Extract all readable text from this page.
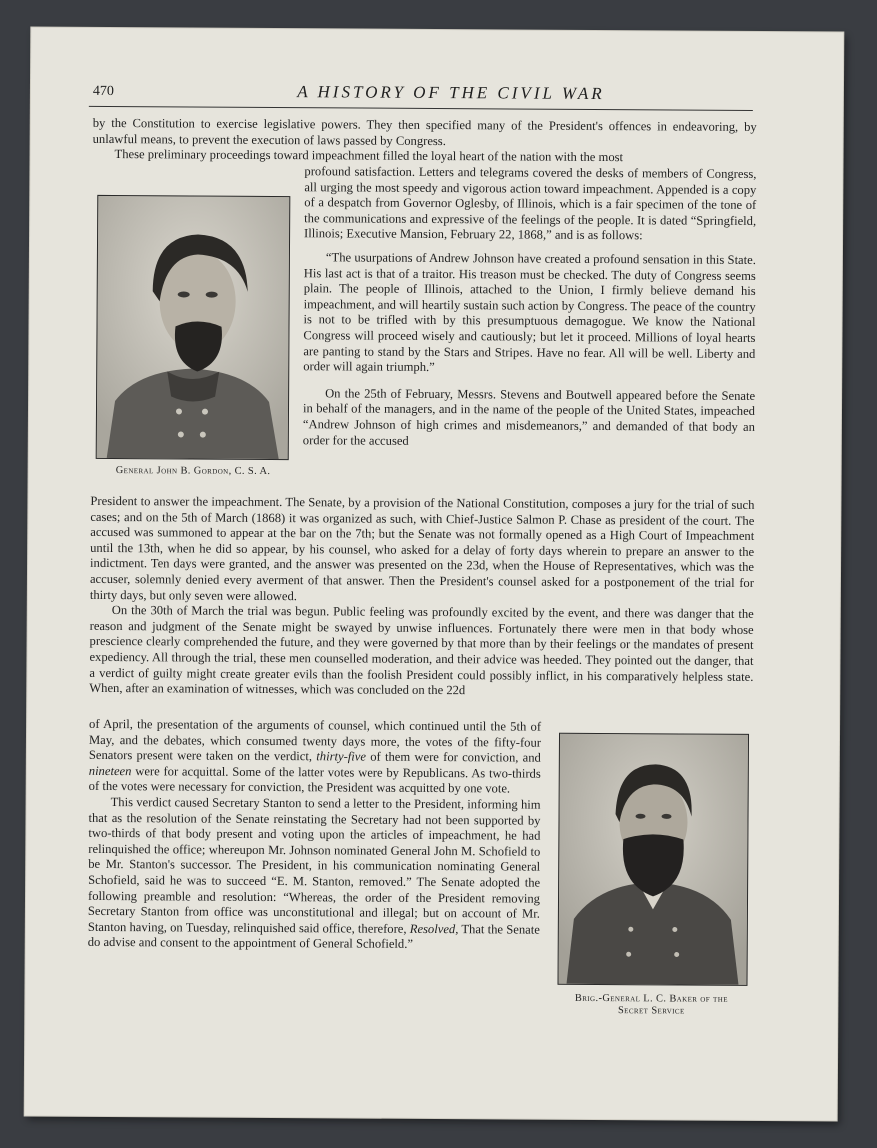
470	A HISTORY OF THE CIVIL WAR

by the Constitution to exercise legislative powers. They then specified many of the President's offences in endeavoring, by unlawful means, to prevent the execution of laws passed by Congress.

These preliminary proceedings toward impeachment filled the loyal heart of the nation with the most

General John B. Gordon, C. S. A.

profound satisfaction. Letters and telegrams covered the desks of members of Congress, all urging the most speedy and vigorous action toward impeachment. Appended is a copy of a despatch from Governor Oglesby, of Illinois, which is a fair specimen of the tone of the communications and expressive of the feelings of the people. It is dated “Springfield, Illinois; Executive Mansion, February 22, 1868,” and is as follows:

“The usurpations of Andrew Johnson have created a profound sensation in this State. His last act is that of a traitor. His treason must be checked. The duty of Congress seems plain. The people of Illinois, attached to the Union, I firmly believe demand his impeachment, and will heartily sustain such action by Congress. The peace of the country is not to be trifled with by this presumptuous demagogue. We know the National Congress will proceed wisely and cautiously; but let it proceed. Millions of loyal hearts are panting to stand by the Stars and Stripes. Have no fear. All will be well. Liberty and order will again triumph.”

On the 25th of February, Messrs. Stevens and Boutwell appeared before the Senate in behalf of the managers, and in the name of the people of the United States, impeached “Andrew Johnson of high crimes and misdemeanors,” and demanded of that body an order for the accused

President to answer the impeachment. The Senate, by a provision of the National Constitution, composes a jury for the trial of such cases; and on the 5th of March (1868) it was organized as such, with Chief-Justice Salmon P. Chase as president of the court. The accused was summoned to appear at the bar on the 7th; but the Senate was not formally opened as a High Court of Impeachment until the 13th, when he did so appear, by his counsel, who asked for a delay of forty days wherein to prepare an answer to the indictment. Ten days were granted, and the answer was presented on the 23d, when the House of Representatives, which was the accuser, solemnly denied every averment of that answer. Then the President's counsel asked for a postponement of the trial for thirty days, but only seven were allowed.

On the 30th of March the trial was begun. Public feeling was profoundly excited by the event, and there was danger that the reason and judgment of the Senate might be swayed by unwise influences. Fortunately there were men in that body whose prescience clearly comprehended the future, and they were governed by that more than by their feelings or the mandates of present expediency. All through the trial, these men counselled moderation, and their advice was heeded. They pointed out the danger, that a verdict of guilty might create greater evils than the foolish President could possibly inflict, in his comparatively helpless state. When, after an examination of witnesses, which was concluded on the 22d

of April, the presentation of the arguments of counsel, which continued until the 5th of May, and the debates, which consumed twenty days more, the votes of the fifty-four Senators present were taken on the verdict, thirty-five of them were for conviction, and nineteen were for acquittal. Some of the latter votes were by Republicans. As two-thirds of the votes were necessary for conviction, the President was acquitted by one vote.

This verdict caused Secretary Stanton to send a letter to the President, informing him that as the resolution of the Senate reinstating the Secretary had not been supported by two-thirds of that body present and voting upon the articles of impeachment, he had relinquished the office; whereupon Mr. Johnson nominated General John M. Schofield to be Mr. Stanton's successor. The President, in his communication nominating General Schofield, said he was to succeed “E. M. Stanton, removed.” The Senate adopted the following preamble and resolution: “Whereas, the order of the President removing Secretary Stanton from office was unconstitutional and illegal; but on account of Mr. Stanton having, on Tuesday, relinquished said office, therefore, Resolved, That the Senate do advise and consent to the appointment of General Schofield.”

Brig.-General L. C. Baker of the
Secret Service
